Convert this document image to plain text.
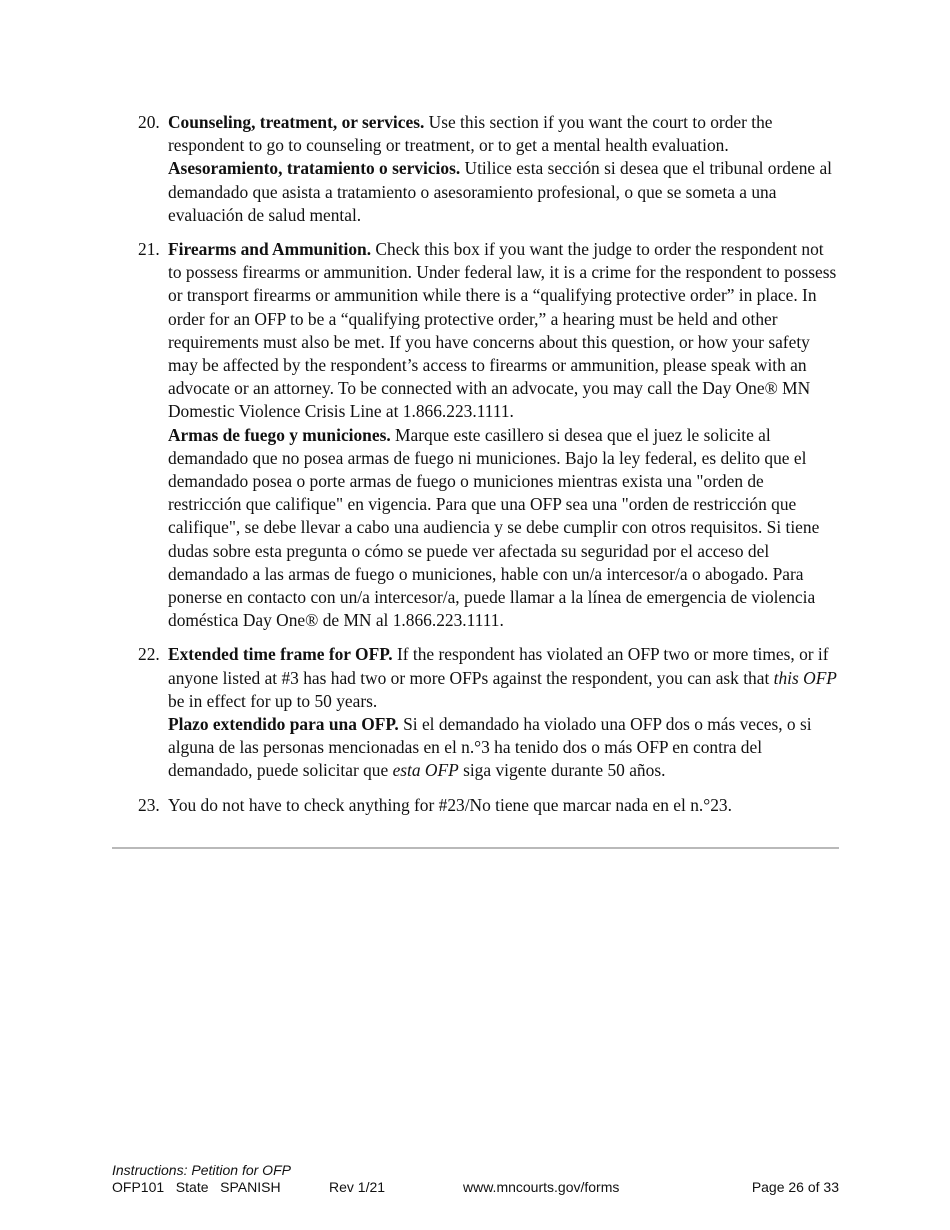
20. Counseling, treatment, or services. Use this section if you want the court to order the respondent to go to counseling or treatment, or to get a mental health evaluation.

Asesoramiento, tratamiento o servicios. Utilice esta sección si desea que el tribunal ordene al demandado que asista a tratamiento o asesoramiento profesional, o que se someta a una evaluación de salud mental.

21. Firearms and Ammunition. Check this box if you want the judge to order the respondent not to possess firearms or ammunition. Under federal law, it is a crime for the respondent to possess or transport firearms or ammunition while there is a “qualifying protective order” in place. In order for an OFP to be a “qualifying protective order,” a hearing must be held and other requirements must also be met. If you have concerns about this question, or how your safety may be affected by the respondent’s access to firearms or ammunition, please speak with an advocate or an attorney. To be connected with an advocate, you may call the Day One® MN Domestic Violence Crisis Line at 1.866.223.1111.

Armas de fuego y municiones. Marque este casillero si desea que el juez le solicite al demandado que no posea armas de fuego ni municiones. Bajo la ley federal, es delito que el demandado posea o porte armas de fuego o municiones mientras exista una "orden de restricción que califique" en vigencia. Para que una OFP sea una "orden de restricción que califique", se debe llevar a cabo una audiencia y se debe cumplir con otros requisitos. Si tiene dudas sobre esta pregunta o cómo se puede ver afectada su seguridad por el acceso del demandado a las armas de fuego o municiones, hable con un/a intercesor/a o abogado. Para ponerse en contacto con un/a intercesor/a, puede llamar a la línea de emergencia de violencia doméstica Day One® de MN al 1.866.223.1111.

22. Extended time frame for OFP. If the respondent has violated an OFP two or more times, or if anyone listed at #3 has had two or more OFPs against the respondent, you can ask that this OFP be in effect for up to 50 years.

Plazo extendido para una OFP. Si el demandado ha violado una OFP dos o más veces, o si alguna de las personas mencionadas en el n.°3 ha tenido dos o más OFP en contra del demandado, puede solicitar que esta OFP siga vigente durante 50 años.

23. You do not have to check anything for #23/No tiene que marcar nada en el n.°23.

Instructions: Petition for OFP
OFP101   State   SPANISH	Rev 1/21	www.mncourts.gov/forms	Page 26 of 33
